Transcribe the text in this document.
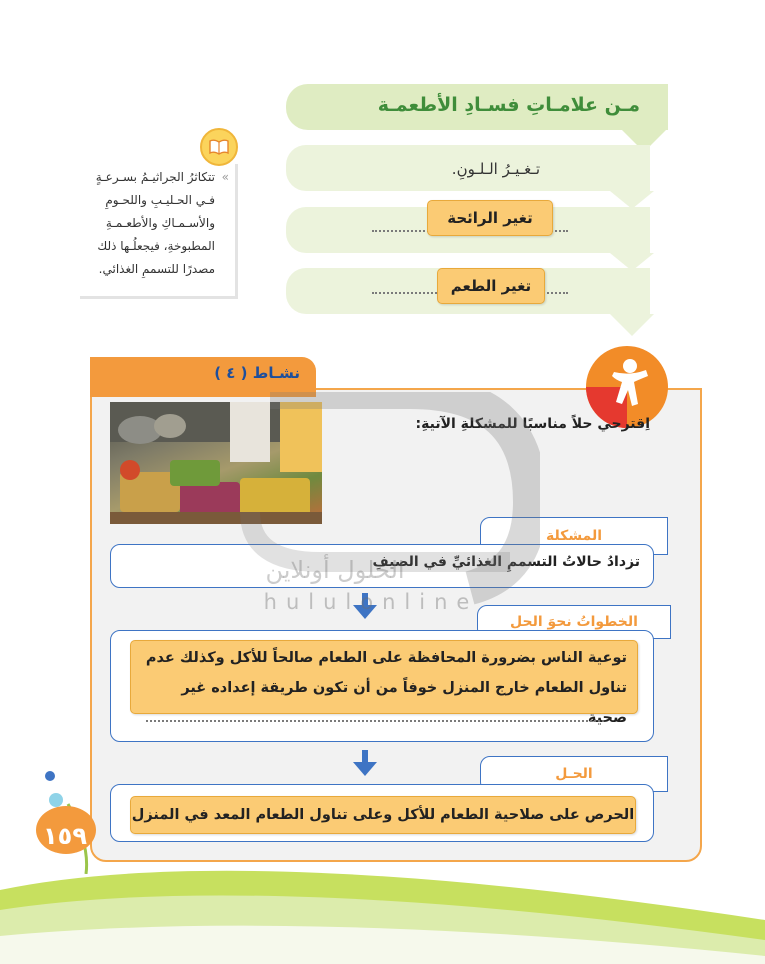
مـن علامـاتِ فسـادِ الأطعمـة
تـغـيـرُ الـلـونِ.
تغير الرائحة
تغير الطعم
»
تتكاثرُ الجراثيـمُ بسـرعـةٍ
فـي الحـليـبِ واللحـومِ
والأسـمـاكِ والأطعـمـةِ
المطبوخةِ، فيجعلُـها ذلك
مصدرًا للتسممِ الغذائي.
نشـاط ( ٤ )
اِقترحي حلاً مناسبًا للمشكلةِ الآتيةِ:
المشكلة
تزدادُ حالاتُ التسممِ الغذائيِّ في الصيفِ
الخطواتُ نحوَ الحل
توعية الناس بضرورة المحافظة على الطعام صالحاً للأكل وكذلك عدم تناول الطعام خارج المنزل خوفاً من أن تكون طريقة إعداده غير صحية
الحـل
الحرص على صلاحية الطعام للأكل وعلى تناول الطعام المعد في المنزل
الحلول أونلاين
hululonline
١٥٩
